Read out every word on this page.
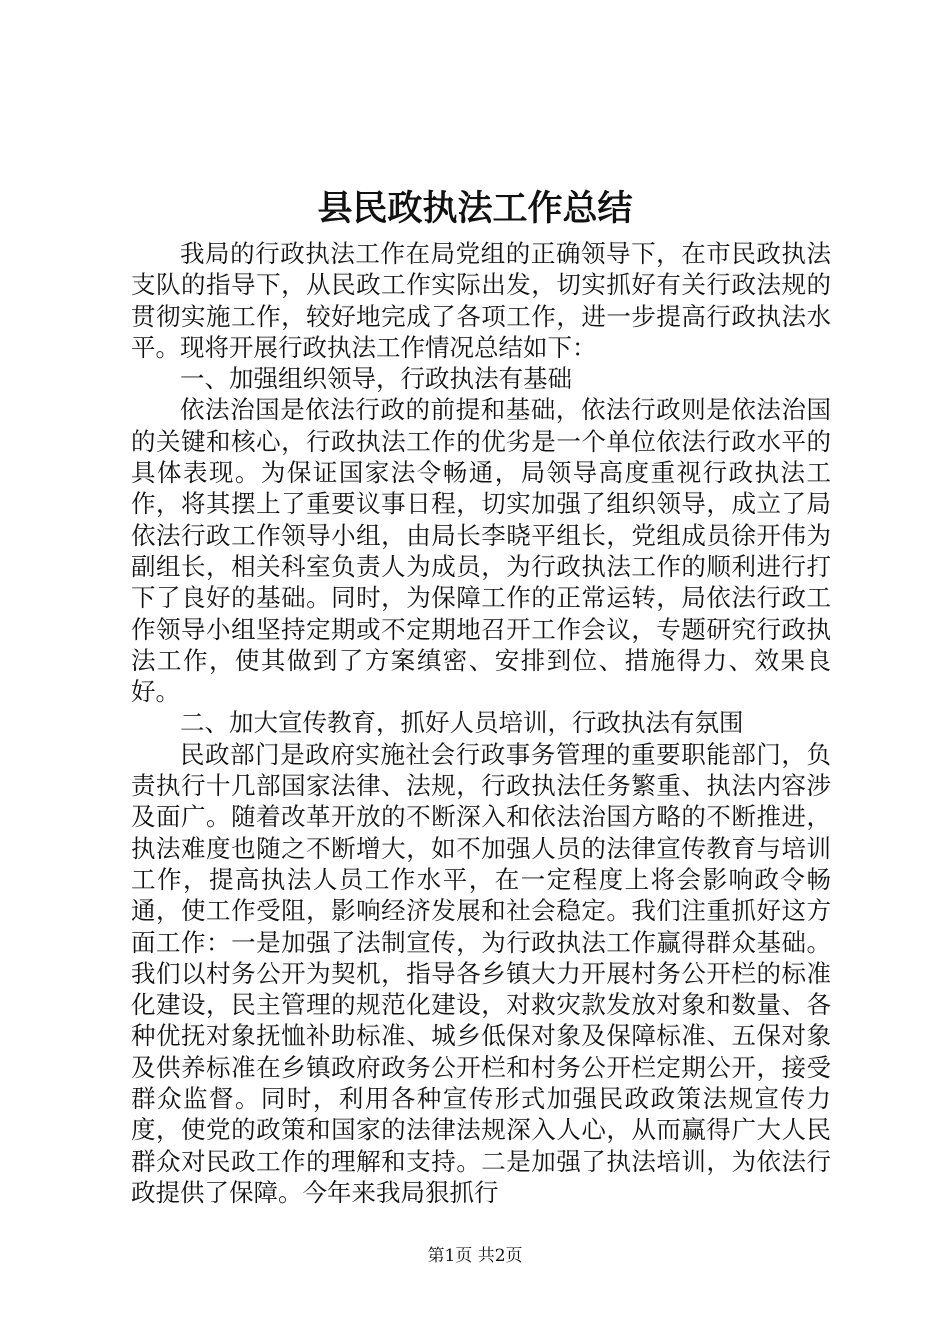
县民政执法工作总结

我局的行政执法工作在局党组的正确领导下，在市民政执法支队的指导下，从民政工作实际出发，切实抓好有关行政法规的贯彻实施工作，较好地完成了各项工作，进一步提高行政执法水平。现将开展行政执法工作情况总结如下：

一、加强组织领导，行政执法有基础

依法治国是依法行政的前提和基础，依法行政则是依法治国的关键和核心，行政执法工作的优劣是一个单位依法行政水平的具体表现。为保证国家法令畅通，局领导高度重视行政执法工作，将其摆上了重要议事日程，切实加强了组织领导，成立了局依法行政工作领导小组，由局长李晓平组长，党组成员徐开伟为副组长，相关科室负责人为成员，为行政执法工作的顺利进行打下了良好的基础。同时，为保障工作的正常运转，局依法行政工作领导小组坚持定期或不定期地召开工作会议，专题研究行政执法工作，使其做到了方案缜密、安排到位、措施得力、效果良好。

二、加大宣传教育，抓好人员培训，行政执法有氛围

民政部门是政府实施社会行政事务管理的重要职能部门，负责执行十几部国家法律、法规，行政执法任务繁重、执法内容涉及面广。随着改革开放的不断深入和依法治国方略的不断推进，执法难度也随之不断增大，如不加强人员的法律宣传教育与培训工作，提高执法人员工作水平，在一定程度上将会影响政令畅通，使工作受阻，影响经济发展和社会稳定。我们注重抓好这方面工作：一是加强了法制宣传，为行政执法工作赢得群众基础。我们以村务公开为契机，指导各乡镇大力开展村务公开栏的标准化建设，民主管理的规范化建设，对救灾款发放对象和数量、各种优抚对象抚恤补助标准、城乡低保对象及保障标准、五保对象及供养标准在乡镇政府政务公开栏和村务公开栏定期公开，接受群众监督。同时，利用各种宣传形式加强民政政策法规宣传力度，使党的政策和国家的法律法规深入人心，从而赢得广大人民群众对民政工作的理解和支持。二是加强了执法培训，为依法行政提供了保障。今年来我局狠抓行

第1页 共2页
